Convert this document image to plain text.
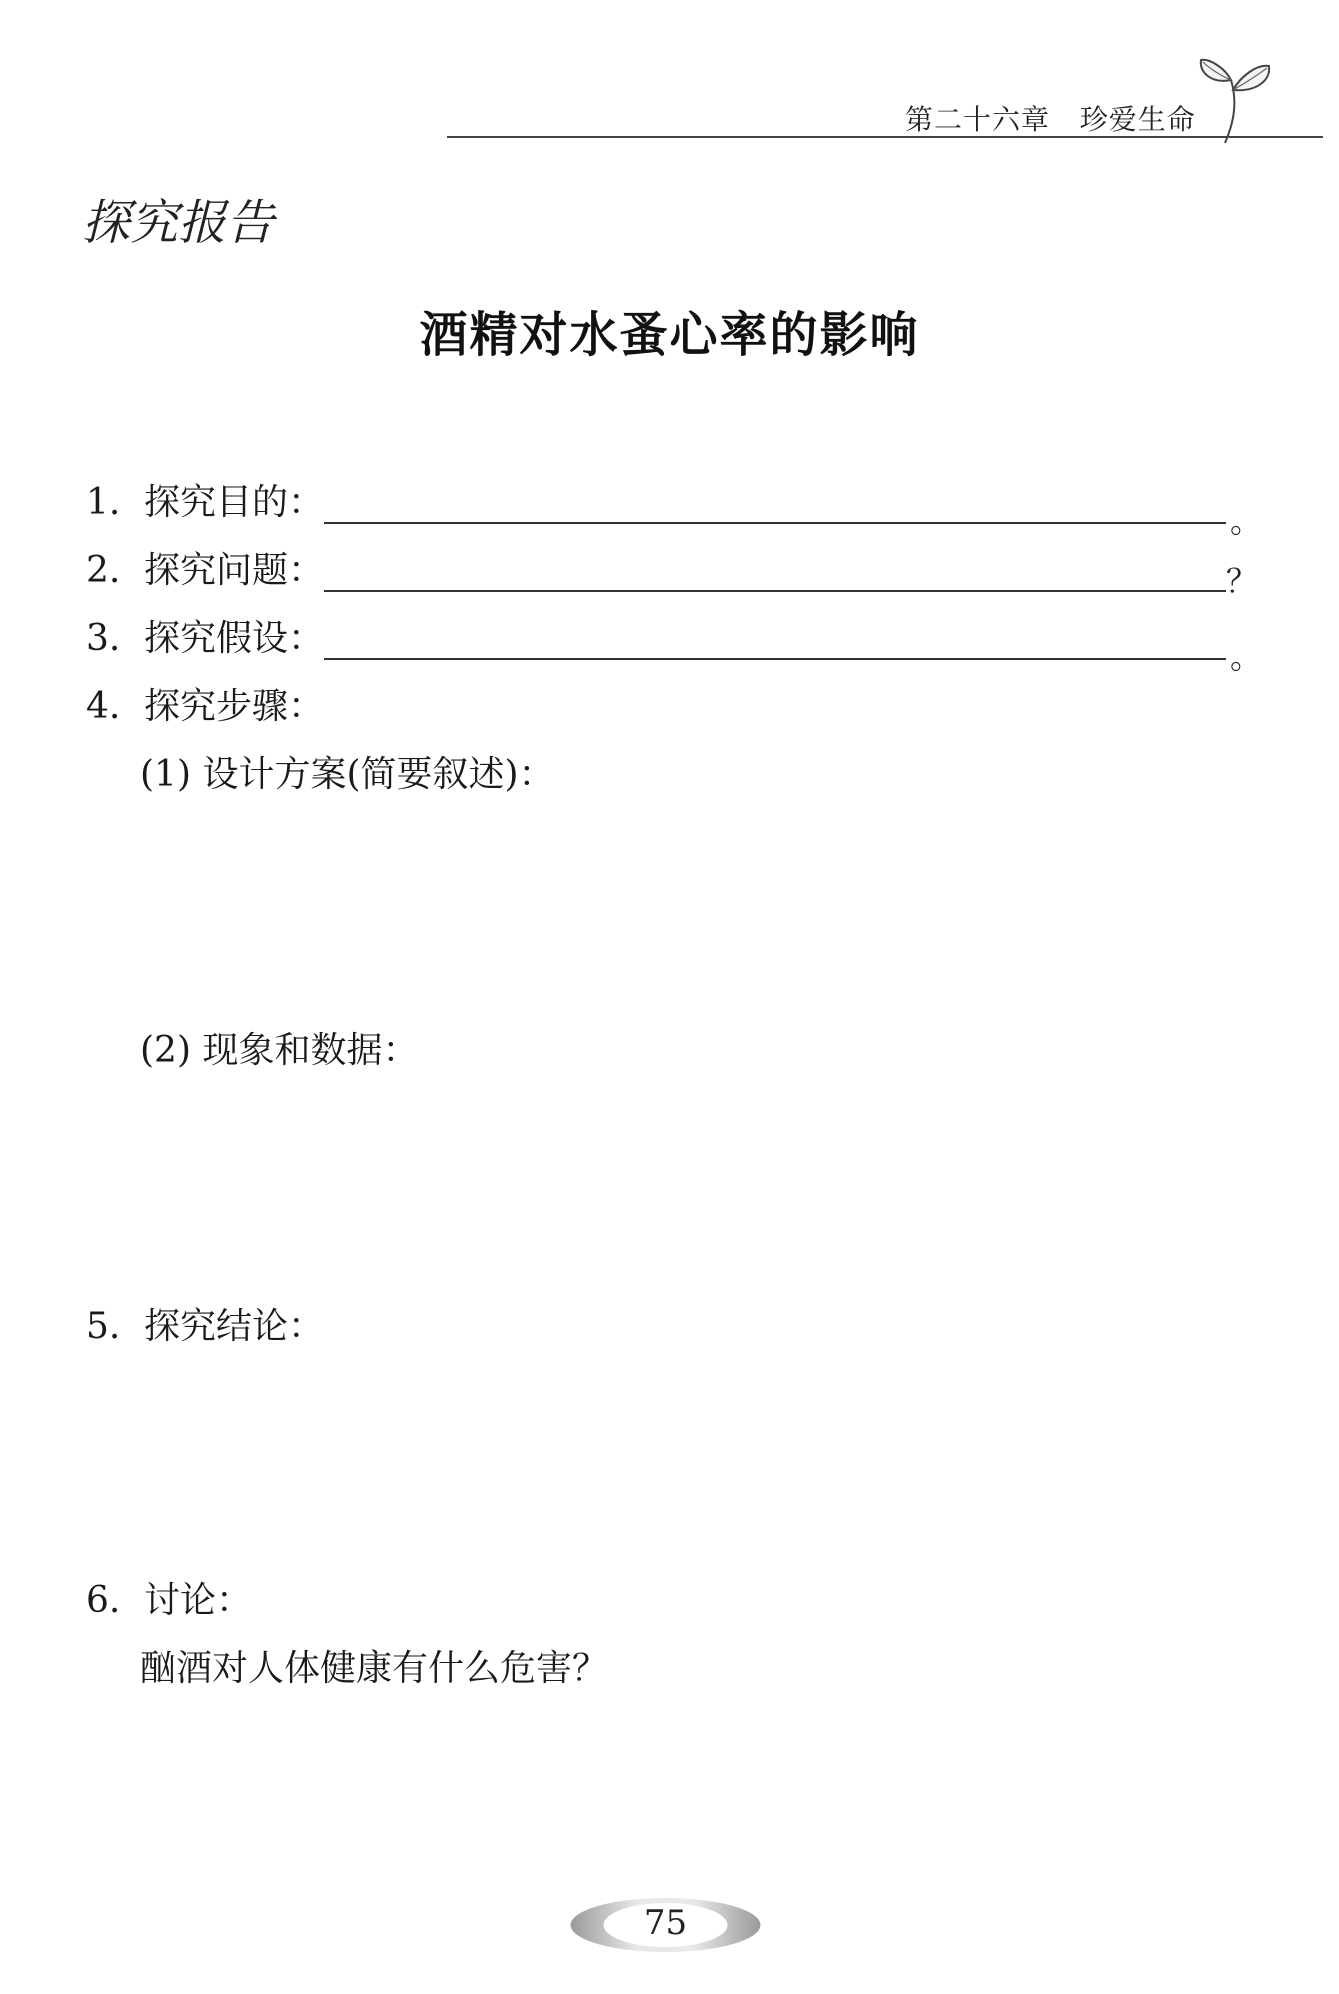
第二十六章 珍爱生命
探究报告
酒精对水蚤心率的影响
1. 探究目的：	。
2. 探究问题：	？
3. 探究假设：	。
4. 探究步骤：
(1) 设计方案(简要叙述)：
(2) 现象和数据：
5. 探究结论：
6. 讨论：
酗酒对人体健康有什么危害？
75
